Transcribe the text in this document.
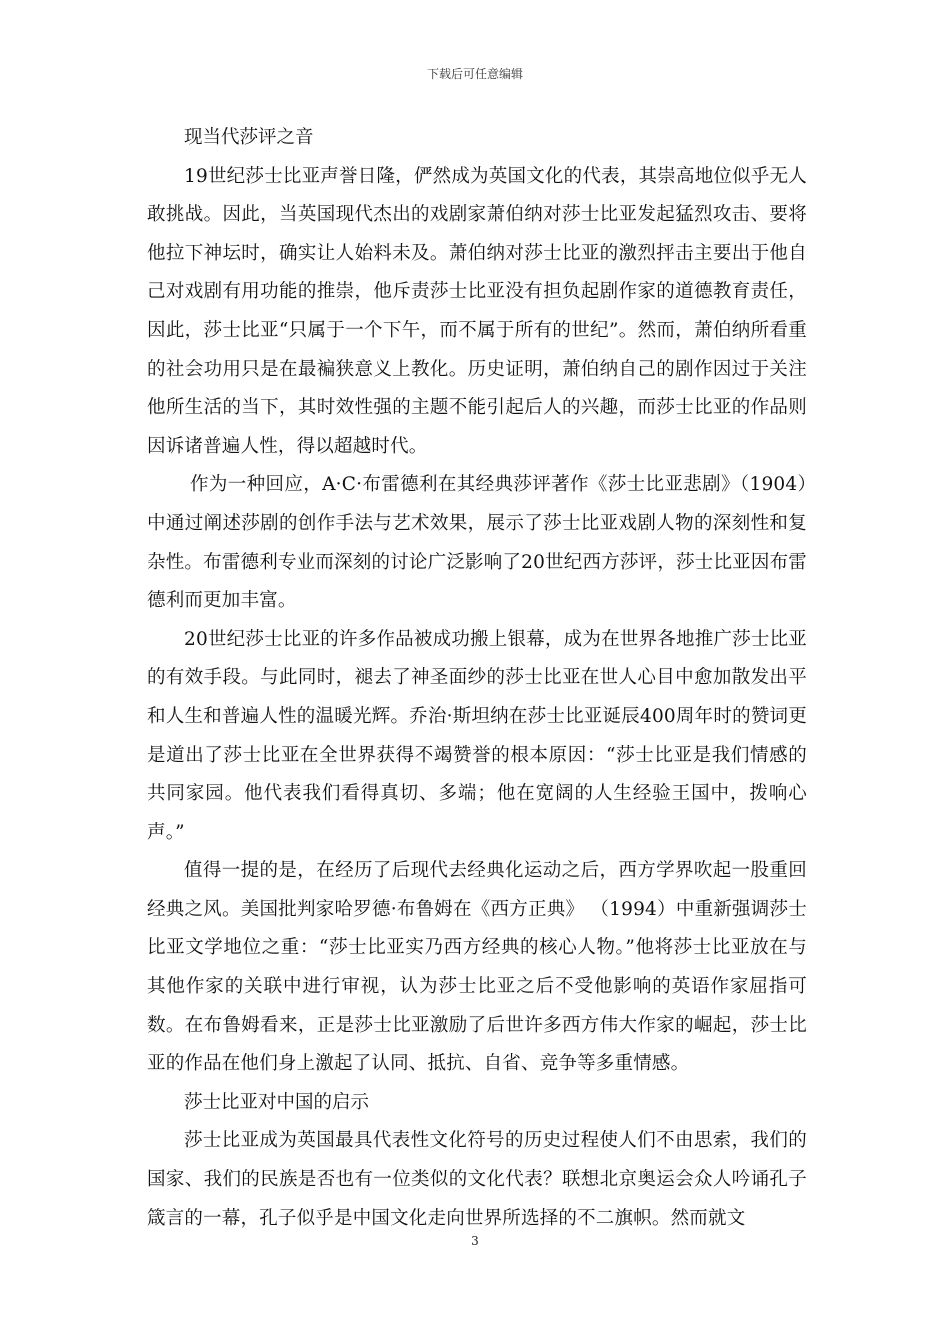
下载后可任意编辑

现当代莎评之音

19世纪莎士比亚声誉日隆，俨然成为英国文化的代表，其崇高地位似乎无人敢挑战。因此，当英国现代杰出的戏剧家萧伯纳对莎士比亚发起猛烈攻击、要将他拉下神坛时，确实让人始料未及。萧伯纳对莎士比亚的激烈抨击主要出于他自己对戏剧有用功能的推崇，他斥责莎士比亚没有担负起剧作家的道德教育责任，因此，莎士比亚“只属于一个下午，而不属于所有的世纪”。然而，萧伯纳所看重的社会功用只是在最褊狭意义上教化。历史证明，萧伯纳自己的剧作因过于关注他所生活的当下，其时效性强的主题不能引起后人的兴趣，而莎士比亚的作品则因诉诸普遍人性，得以超越时代。

作为一种回应，A·C·布雷德利在其经典莎评著作《莎士比亚悲剧》（1904）中通过阐述莎剧的创作手法与艺术效果，展示了莎士比亚戏剧人物的深刻性和复杂性。布雷德利专业而深刻的讨论广泛影响了20世纪西方莎评，莎士比亚因布雷德利而更加丰富。

20世纪莎士比亚的许多作品被成功搬上银幕，成为在世界各地推广莎士比亚的有效手段。与此同时，褪去了神圣面纱的莎士比亚在世人心目中愈加散发出平和人生和普遍人性的温暖光辉。乔治·斯坦纳在莎士比亚诞辰400周年时的赞词更是道出了莎士比亚在全世界获得不竭赞誉的根本原因：“莎士比亚是我们情感的共同家园。他代表我们看得真切、多端；他在宽阔的人生经验王国中，拨响心声。”

值得一提的是，在经历了后现代去经典化运动之后，西方学界吹起一股重回经典之风。美国批判家哈罗德·布鲁姆在《西方正典》 （1994）中重新强调莎士比亚文学地位之重：“莎士比亚实乃西方经典的核心人物。”他将莎士比亚放在与其他作家的关联中进行审视，认为莎士比亚之后不受他影响的英语作家屈指可数。在布鲁姆看来，正是莎士比亚激励了后世许多西方伟大作家的崛起，莎士比亚的作品在他们身上激起了认同、抵抗、自省、竞争等多重情感。

莎士比亚对中国的启示

莎士比亚成为英国最具代表性文化符号的历史过程使人们不由思索，我们的国家、我们的民族是否也有一位类似的文化代表？联想北京奥运会众人吟诵孔子箴言的一幕，孔子似乎是中国文化走向世界所选择的不二旗帜。然而就文

3
